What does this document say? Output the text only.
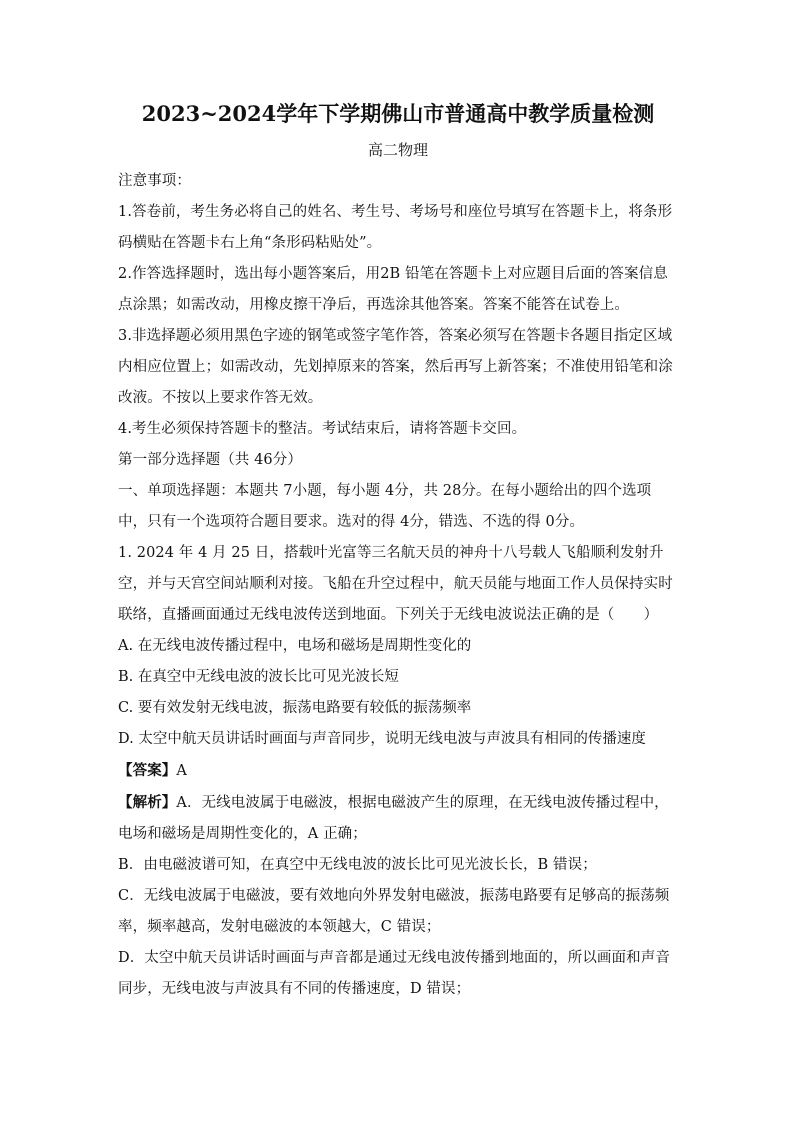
2023~2024学年下学期佛山市普通高中教学质量检测
高二物理

注意事项：

1.答卷前，考生务必将自己的姓名、考生号、考场号和座位号填写在答题卡上，将条形码横贴在答题卡右上角“条形码粘贴处”。

2.作答选择题时，选出每小题答案后，用2B 铅笔在答题卡上对应题目后面的答案信息点涂黑；如需改动，用橡皮擦干净后，再选涂其他答案。答案不能答在试卷上。

3.非选择题必须用黑色字迹的钢笔或签字笔作答，答案必须写在答题卡各题目指定区域内相应位置上；如需改动，先划掉原来的答案，然后再写上新答案；不准使用铅笔和涂改液。不按以上要求作答无效。

4.考生必须保持答题卡的整洁。考试结束后，请将答题卡交回。

第一部分选择题（共 46分）

一、单项选择题：本题共 7小题，每小题 4分，共 28分。在每小题给出的四个选项中，只有一个选项符合题目要求。选对的得 4分，错选、不选的得 0分。

1. 2024 年 4 月 25 日，搭载叶光富等三名航天员的神舟十八号载人飞船顺利发射升空，并与天宫空间站顺利对接。飞船在升空过程中，航天员能与地面工作人员保持实时联络，直播画面通过无线电波传送到地面。下列关于无线电波说法正确的是（　　）

A. 在无线电波传播过程中，电场和磁场是周期性变化的

B. 在真空中无线电波的波长比可见光波长短

C. 要有效发射无线电波，振荡电路要有较低的振荡频率

D. 太空中航天员讲话时画面与声音同步，说明无线电波与声波具有相同的传播速度

【答案】A

【解析】A．无线电波属于电磁波，根据电磁波产生的原理，在无线电波传播过程中，电场和磁场是周期性变化的，A 正确；

B．由电磁波谱可知，在真空中无线电波的波长比可见光波长长，B 错误；

C．无线电波属于电磁波，要有效地向外界发射电磁波，振荡电路要有足够高的振荡频率，频率越高，发射电磁波的本领越大，C 错误；

D．太空中航天员讲话时画面与声音都是通过无线电波传播到地面的，所以画面和声音同步，无线电波与声波具有不同的传播速度，D 错误；
